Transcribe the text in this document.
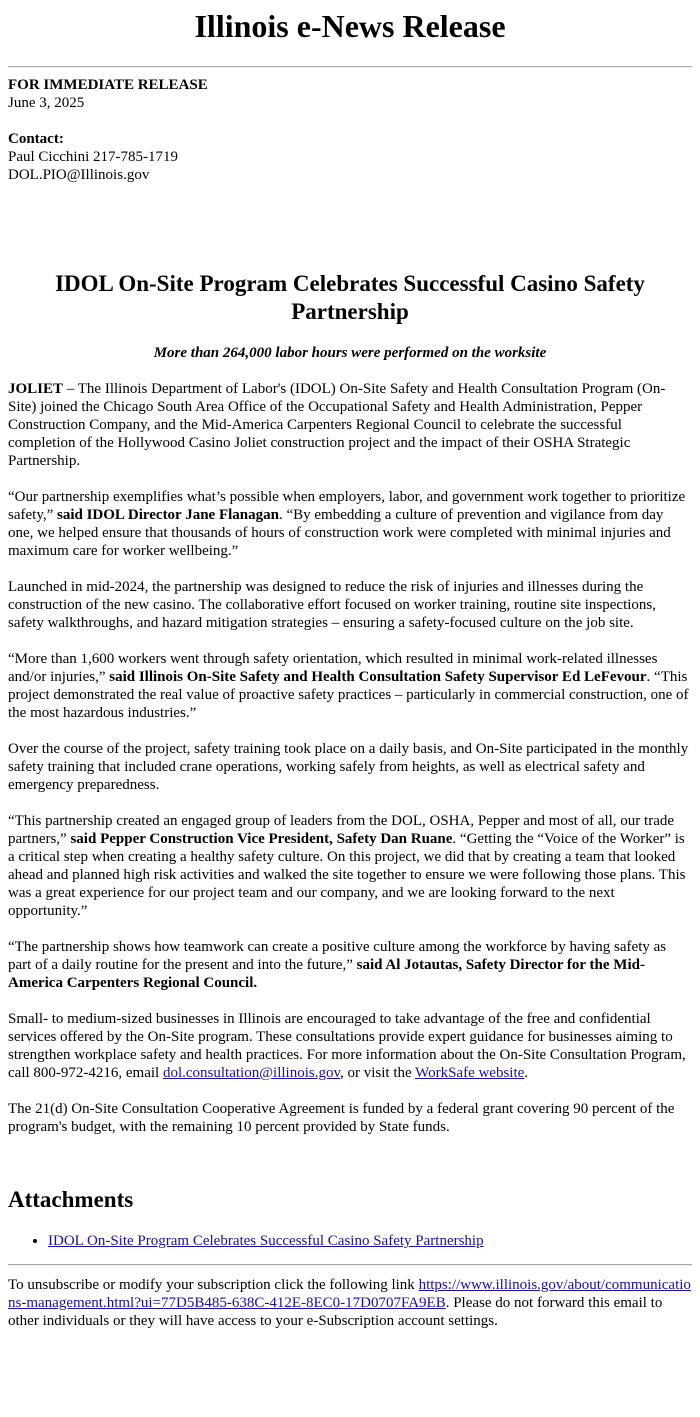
Illinois e-News Release

FOR IMMEDIATE RELEASE

June 3, 2025

Contact:

Paul Cicchini 217-785-1719

DOL.PIO@Illinois.gov

IDOL On-Site Program Celebrates Successful Casino Safety Partnership

More than 264,000 labor hours were performed on the worksite

JOLIET – The Illinois Department of Labor's (IDOL) On-Site Safety and Health Consultation Program (On-Site) joined the Chicago South Area Office of the Occupational Safety and Health Administration, Pepper Construction Company, and the Mid-America Carpenters Regional Council to celebrate the successful completion of the Hollywood Casino Joliet construction project and the impact of their OSHA Strategic Partnership.

“Our partnership exemplifies what’s possible when employers, labor, and government work together to prioritize safety,” said IDOL Director Jane Flanagan. “By embedding a culture of prevention and vigilance from day one, we helped ensure that thousands of hours of construction work were completed with minimal injuries and maximum care for worker wellbeing.”

Launched in mid-2024, the partnership was designed to reduce the risk of injuries and illnesses during the construction of the new casino. The collaborative effort focused on worker training, routine site inspections, safety walkthroughs, and hazard mitigation strategies – ensuring a safety-focused culture on the job site.

“More than 1,600 workers went through safety orientation, which resulted in minimal work-related illnesses and/or injuries,” said Illinois On-Site Safety and Health Consultation Safety Supervisor Ed LeFevour. “This project demonstrated the real value of proactive safety practices – particularly in commercial construction, one of the most hazardous industries.”

Over the course of the project, safety training took place on a daily basis, and On-Site participated in the monthly safety training that included crane operations, working safely from heights, as well as electrical safety and emergency preparedness.

“This partnership created an engaged group of leaders from the DOL, OSHA, Pepper and most of all, our trade partners,” said Pepper Construction Vice President, Safety Dan Ruane. “Getting the “Voice of the Worker” is a critical step when creating a healthy safety culture. On this project, we did that by creating a team that looked ahead and planned high risk activities and walked the site together to ensure we were following those plans. This was a great experience for our project team and our company, and we are looking forward to the next opportunity.”

“The partnership shows how teamwork can create a positive culture among the workforce by having safety as part of a daily routine for the present and into the future,” said Al Jotautas, Safety Director for the Mid-America Carpenters Regional Council.

Small- to medium-sized businesses in Illinois are encouraged to take advantage of the free and confidential services offered by the On-Site program. These consultations provide expert guidance for businesses aiming to strengthen workplace safety and health practices. For more information about the On-Site Consultation Program, call 800-972-4216, email dol.consultation@illinois.gov, or visit the WorkSafe website.

The 21(d) On-Site Consultation Cooperative Agreement is funded by a federal grant covering 90 percent of the program's budget, with the remaining 10 percent provided by State funds.

Attachments
• IDOL On-Site Program Celebrates Successful Casino Safety Partnership

To unsubscribe or modify your subscription click the following link https://www.illinois.gov/about/communications-management.html?ui=77D5B485-638C-412E-8EC0-17D0707FA9EB. Please do not forward this email to other individuals or they will have access to your e-Subscription account settings.
